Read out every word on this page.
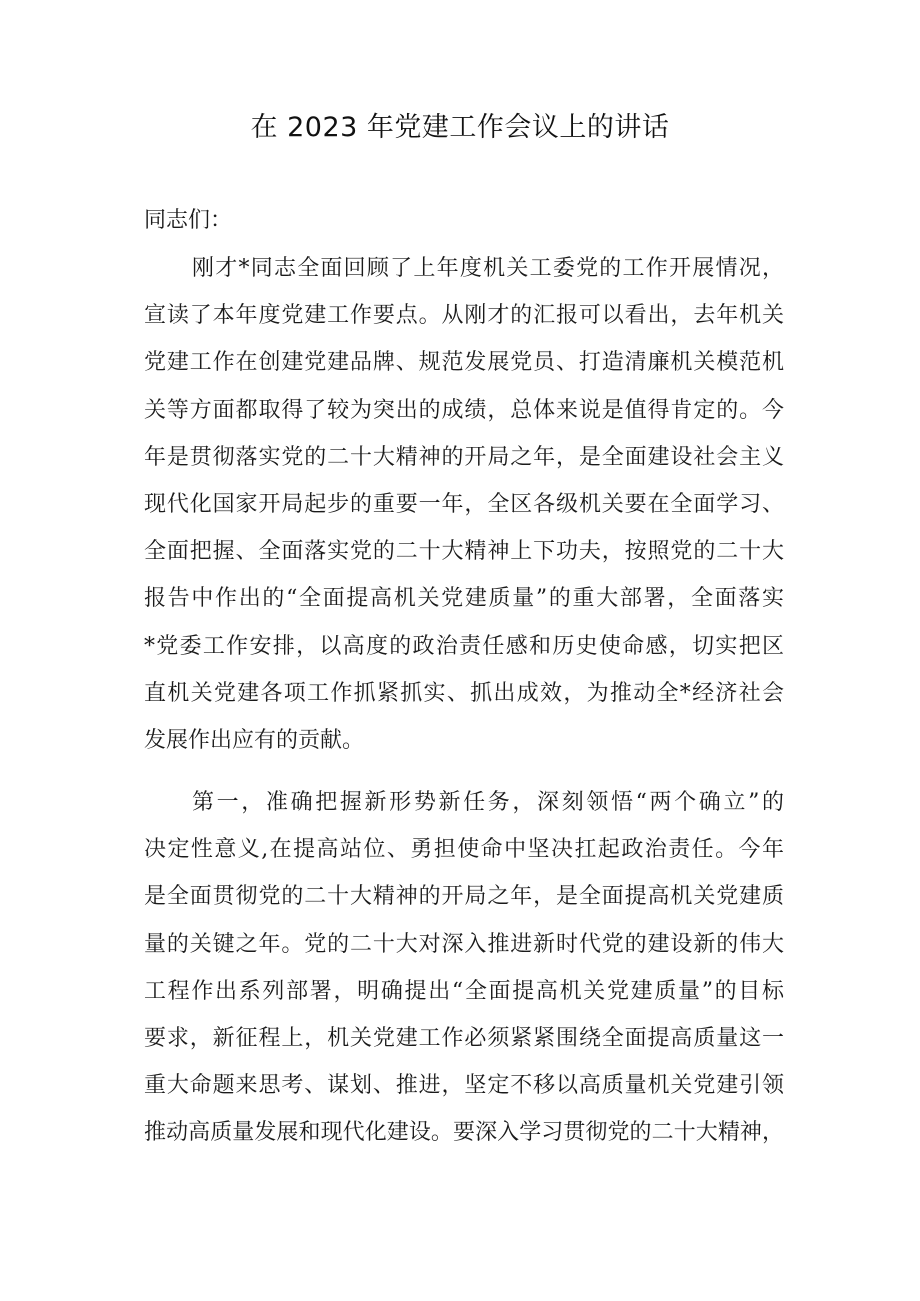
在 2023 年党建工作会议上的讲话
同志们：
刚才*同志全面回顾了上年度机关工委党的工作开展情况，
宣读了本年度党建工作要点。从刚才的汇报可以看出，去年机关
党建工作在创建党建品牌、规范发展党员、打造清廉机关模范机
关等方面都取得了较为突出的成绩，总体来说是值得肯定的。今
年是贯彻落实党的二十大精神的开局之年，是全面建设社会主义
现代化国家开局起步的重要一年，全区各级机关要在全面学习、
全面把握、全面落实党的二十大精神上下功夫，按照党的二十大
报告中作出的“全面提高机关党建质量”的重大部署，全面落实
*党委工作安排，以高度的政治责任感和历史使命感，切实把区
直机关党建各项工作抓紧抓实、抓出成效，为推动全*经济社会
发展作出应有的贡献。
第一，准确把握新形势新任务，深刻领悟“两个确立”的
决定性意义,在提高站位、勇担使命中坚决扛起政治责任。今年
是全面贯彻党的二十大精神的开局之年，是全面提高机关党建质
量的关键之年。党的二十大对深入推进新时代党的建设新的伟大
工程作出系列部署，明确提出“全面提高机关党建质量”的目标
要求，新征程上，机关党建工作必须紧紧围绕全面提高质量这一
重大命题来思考、谋划、推进，坚定不移以高质量机关党建引领
推动高质量发展和现代化建设。要深入学习贯彻党的二十大精神，
